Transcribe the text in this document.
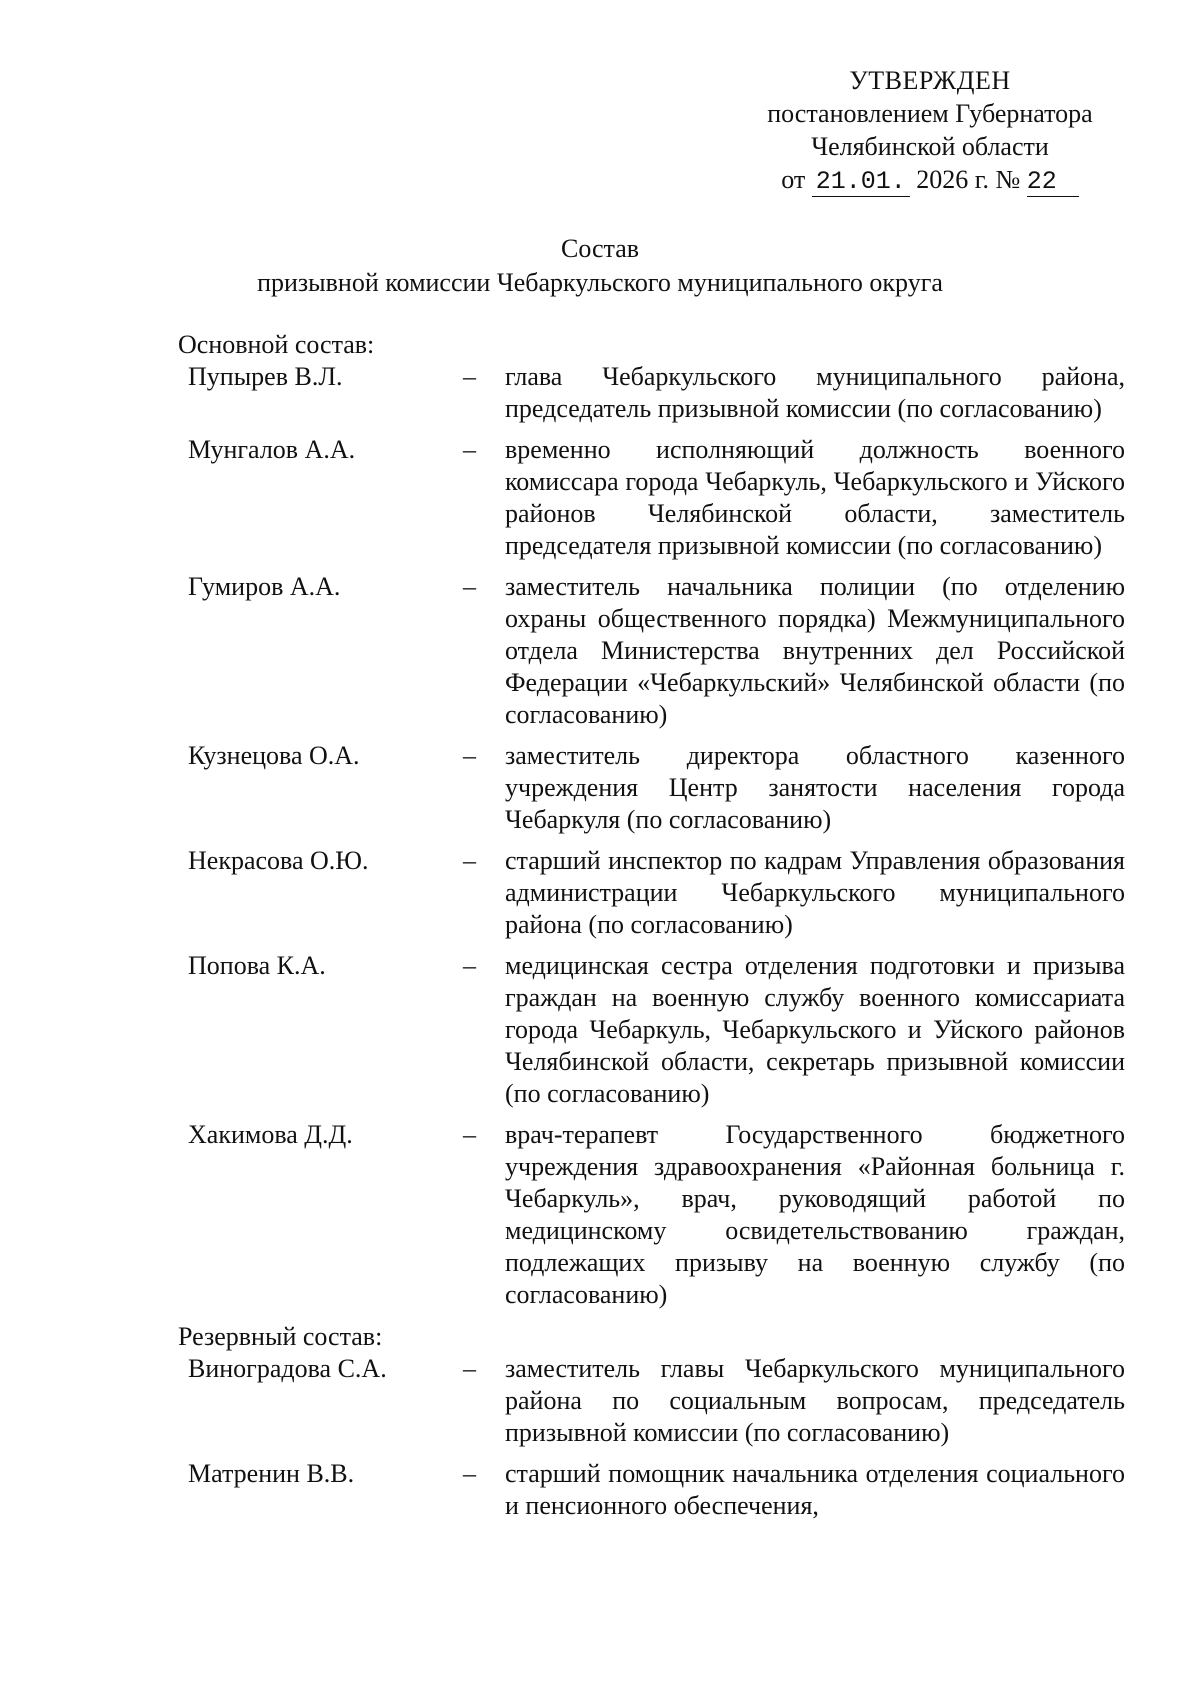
УТВЕРЖДЕН
постановлением Губернатора
Челябинской области
от 21.01. 2026 г. № 22
Состав
призывной комиссии Чебаркульского муниципального округа
Основной состав:
Пупырев В.Л.	– глава Чебаркульского муниципального района, председатель призывной комиссии (по согласованию)
Мунгалов А.А.	– временно исполняющий должность военного комиссара города Чебаркуль, Чебаркульского и Уйского районов Челябинской области, заместитель председателя призывной комиссии (по согласованию)
Гумиров А.А.	– заместитель начальника полиции (по отделению охраны общественного порядка) Межмуниципального отдела Министерства внутренних дел Российской Федерации «Чебаркульский» Челябинской области (по согласованию)
Кузнецова О.А.	– заместитель директора областного казенного учреждения Центр занятости населения города Чебаркуля (по согласованию)
Некрасова О.Ю.	– старший инспектор по кадрам Управления образования администрации Чебаркульского муниципального района (по согласованию)
Попова К.А.	– медицинская сестра отделения подготовки и призыва граждан на военную службу военного комиссариата города Чебаркуль, Чебаркульского и Уйского районов Челябинской области, секретарь призывной комиссии (по согласованию)
Хакимова Д.Д.	– врач-терапевт Государственного бюджетного учреждения здравоохранения «Районная больница г. Чебаркуль», врач, руководящий работой по медицинскому освидетельствованию граждан, подлежащих призыву на военную службу (по согласованию)
Резервный состав:
Виноградова С.А.	– заместитель главы Чебаркульского муниципального района по социальным вопросам, председатель призывной комиссии (по согласованию)
Матренин В.В.	– старший помощник начальника отделения социального и пенсионного обеспечения,
